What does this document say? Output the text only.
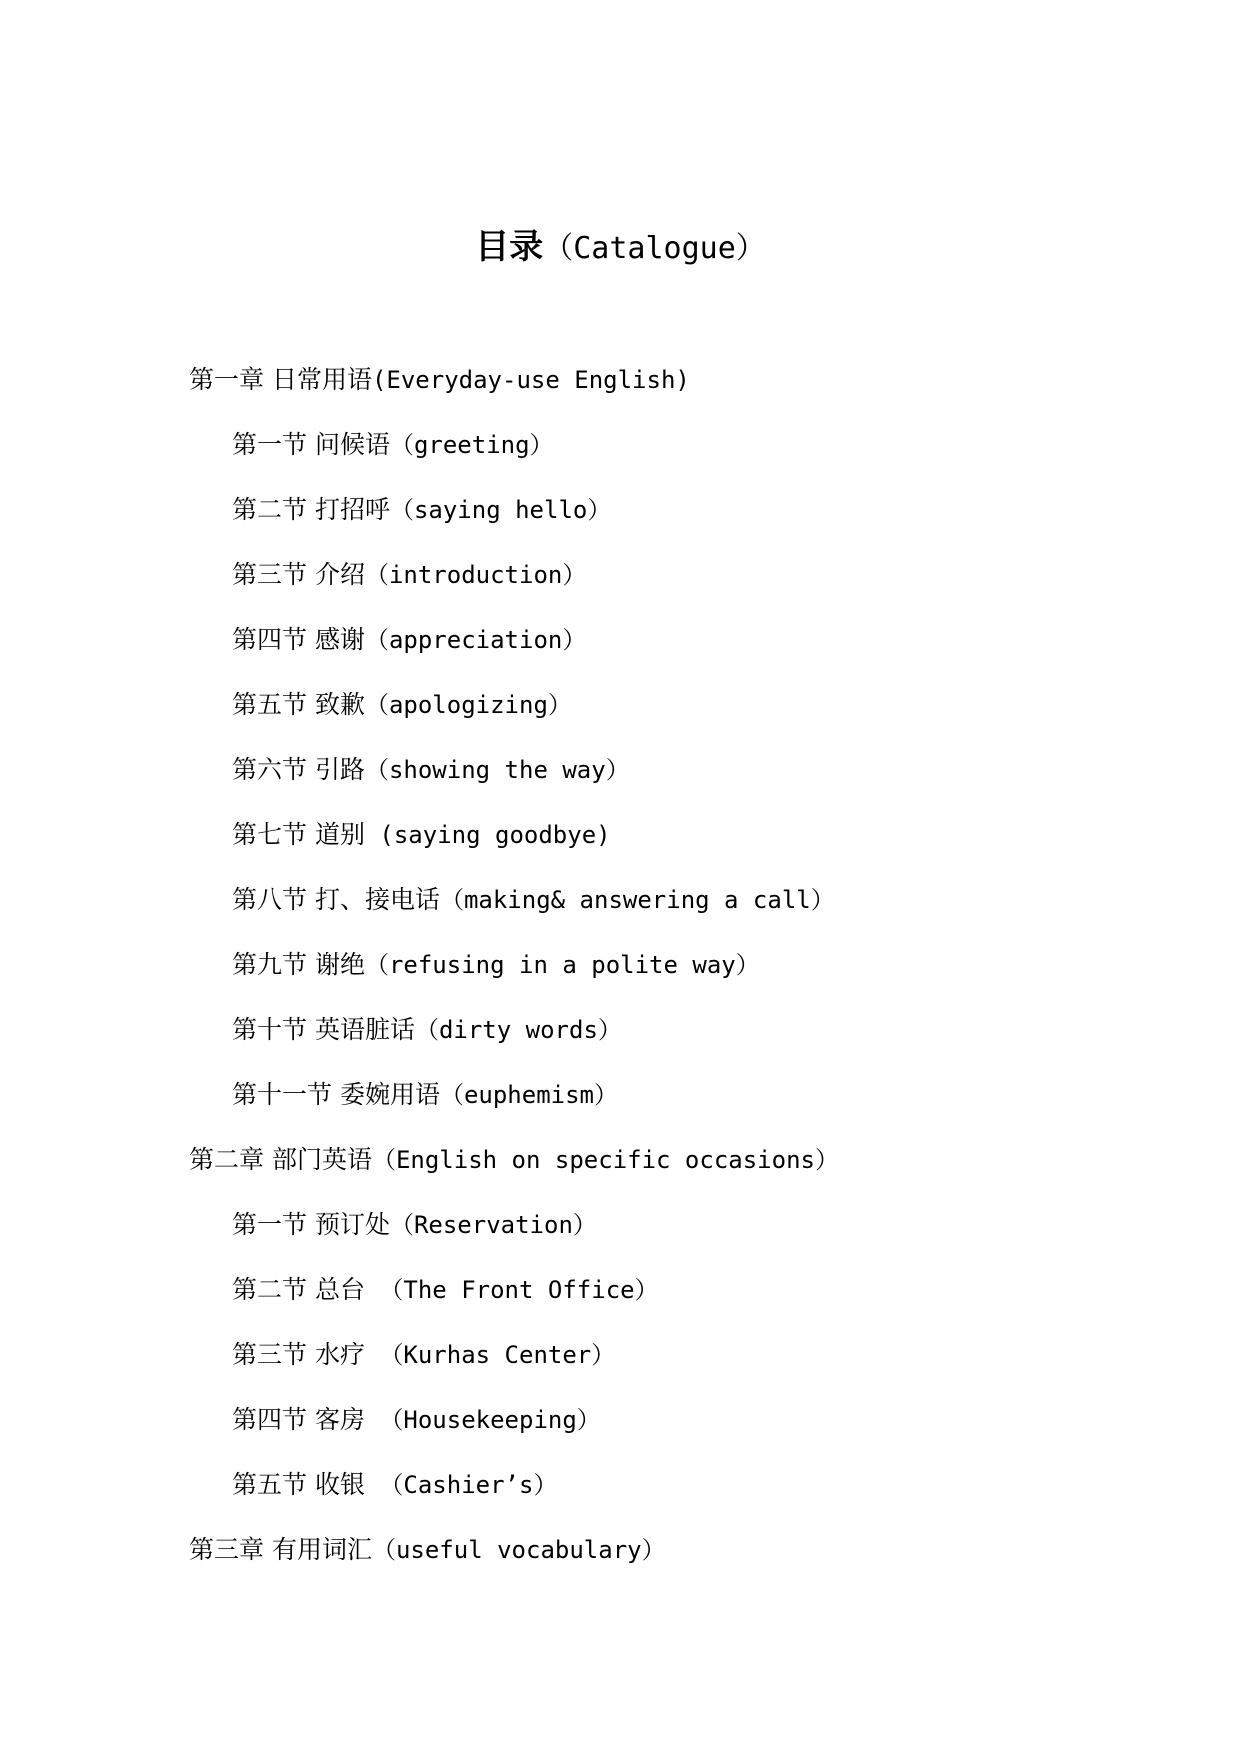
目录（Catalogue）
第一章 日常用语(Everyday-use English)
第一节 问候语（greeting）
第二节 打招呼（saying hello）
第三节 介绍（introduction）
第四节 感谢（appreciation）
第五节 致歉（apologizing）
第六节 引路（showing the way）
第七节 道别 (saying goodbye)
第八节 打、接电话（making& answering a call）
第九节 谢绝（refusing in a polite way）
第十节 英语脏话（dirty words）
第十一节 委婉用语（euphemism）
第二章 部门英语（English on specific occasions）
第一节 预订处（Reservation）
第二节 总台 （The Front Office）
第三节 水疗 （Kurhas Center）
第四节 客房 （Housekeeping）
第五节 收银 （Cashier’s）
第三章 有用词汇（useful vocabulary）
